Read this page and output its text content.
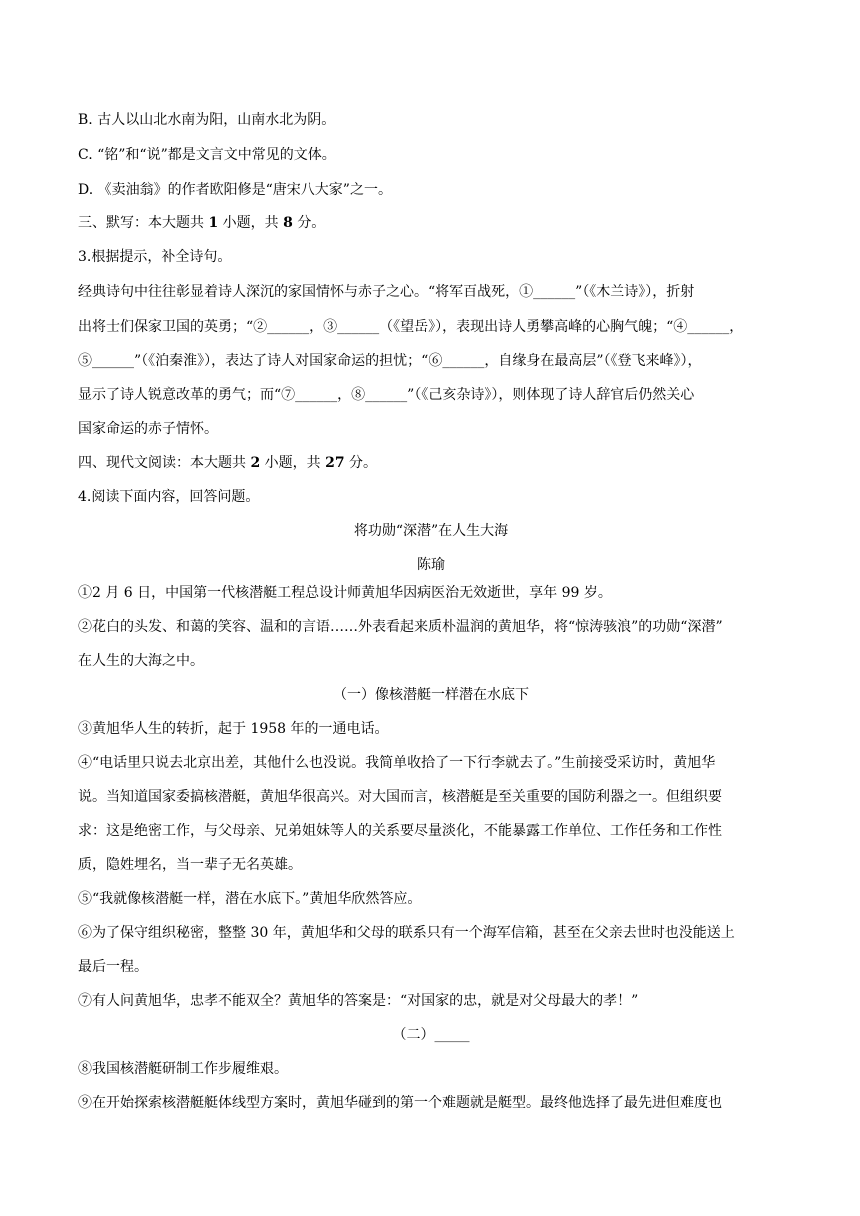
B. 古人以山北水南为阳，山南水北为阴。

C. “铭”和“说”都是文言文中常见的文体。

D. 《卖油翁》的作者欧阳修是“唐宋八大家”之一。

三、默写：本大题共 1 小题，共 8 分。

3.根据提示，补全诗句。

经典诗句中往往彰显着诗人深沉的家国情怀与赤子之心。“将军百战死，①______”（《木兰诗》），折射

出将士们保家卫国的英勇；“②______，③______（《望岳》），表现出诗人勇攀高峰的心胸气魄；“④______，

⑤______”（《泊秦淮》），表达了诗人对国家命运的担忧；“⑥______，自缘身在最高层”（《登飞来峰》），

显示了诗人锐意改革的勇气；而“⑦______，⑧______”（《己亥杂诗》），则体现了诗人辞官后仍然关心

国家命运的赤子情怀。

四、现代文阅读：本大题共 2 小题，共 27 分。

4.阅读下面内容，回答问题。

将功勋“深潜”在人生大海

陈瑜

①2 月 6 日，中国第一代核潜艇工程总设计师黄旭华因病医治无效逝世，享年 99 岁。

②花白的头发、和蔼的笑容、温和的言语……外表看起来质朴温润的黄旭华，将“惊涛骇浪”的功勋“深潜”

在人生的大海之中。

（一）像核潜艇一样潜在水底下

③黄旭华人生的转折，起于 1958 年的一通电话。

④“电话里只说去北京出差，其他什么也没说。我简单收拾了一下行李就去了。”生前接受采访时，黄旭华

说。当知道国家委搞核潜艇，黄旭华很高兴。对大国而言，核潜艇是至关重要的国防利器之一。但组织要

求：这是绝密工作，与父母亲、兄弟姐妹等人的关系要尽量淡化，不能暴露工作单位、工作任务和工作性

质，隐姓埋名，当一辈子无名英雄。

⑤“我就像核潜艇一样，潜在水底下。”黄旭华欣然答应。

⑥为了保守组织秘密，整整 30 年，黄旭华和父母的联系只有一个海军信箱，甚至在父亲去世时也没能送上

最后一程。

⑦有人问黄旭华，忠孝不能双全？黄旭华的答案是：“对国家的忠，就是对父母最大的孝！”

（二）_____

⑧我国核潜艇研制工作步履维艰。

⑨在开始探索核潜艇艇体线型方案时，黄旭华碰到的第一个难题就是艇型。最终他选择了最先进但难度也
